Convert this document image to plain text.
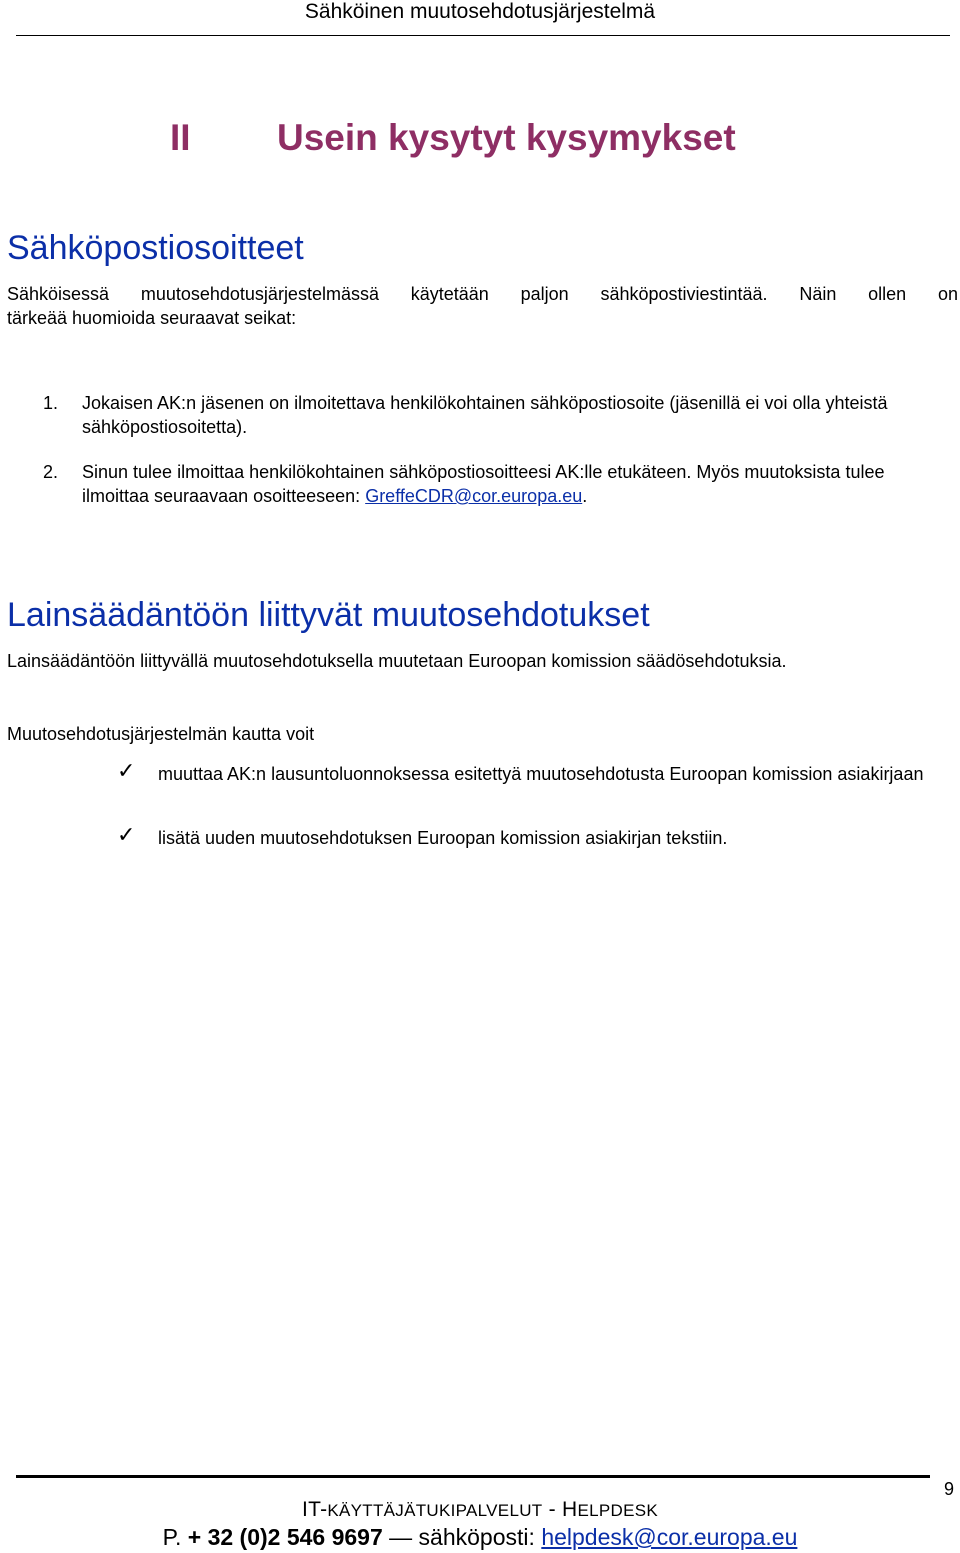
Sähköinen muutosehdotusjärjestelmä
II Usein kysytyt kysymykset
Sähköpostiosoitteet

Sähköisessä muutosehdotusjärjestelmässä käytetään paljon sähköpostiviestintää. Näin ollen on

tärkeää huomioida seuraavat seikat:

1. Jokaisen AK:n jäsenen on ilmoitettava henkilökohtainen sähköpostiosoite (jäsenillä ei voi olla yhteistä sähköpostiosoitetta).
2. Sinun tulee ilmoittaa henkilökohtainen sähköpostiosoitteesi AK:lle etukäteen. Myös muutoksista tulee ilmoittaa seuraavaan osoitteeseen: GreffeCDR@cor.europa.eu.
Lainsäädäntöön liittyvät muutosehdotukset

Lainsäädäntöön liittyvällä muutosehdotuksella muutetaan Euroopan komission säädösehdotuksia.

Muutosehdotusjärjestelmän kautta voit

✓ muuttaa AK:n lausuntoluonnoksessa esitettyä muutosehdotusta Euroopan komission asiakirjaan
✓ lisätä uuden muutosehdotuksen Euroopan komission asiakirjan tekstiin.
9
IT-KÄYTTÄJÄTUKIPALVELUT - HELPDESK
P. + 32 (0)2 546 9697 — sähköposti: helpdesk@cor.europa.eu
